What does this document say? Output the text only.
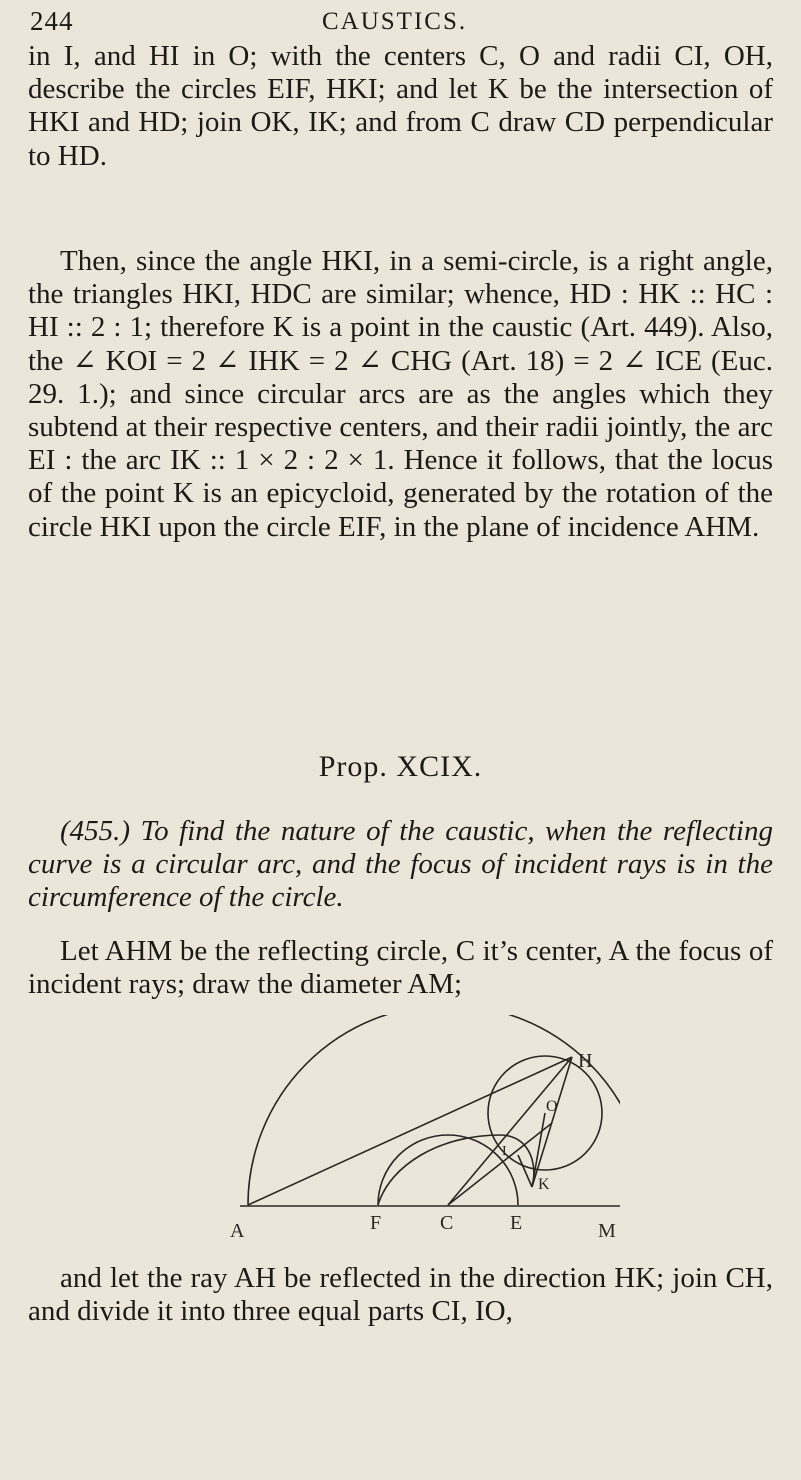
244	CAUSTICS.

in I, and HI in O; with the centers C, O and radii CI, OH, describe the circles EIF, HKI; and let K be the intersection of HKI and HD; join OK, IK; and from C draw CD perpendicular to HD.

Then, since the angle HKI, in a semi-circle, is a right angle, the triangles HKI, HDC are similar; whence, HD : HK :: HC : HI :: 2 : 1; therefore K is a point in the caustic (Art. 449). Also, the ∠ KOI = 2 ∠ IHK = 2 ∠ CHG (Art. 18) = 2 ∠ ICE (Euc. 29. 1.); and since circular arcs are as the angles which they subtend at their respective centers, and their radii jointly, the arc EI : the arc IK :: 1 × 2 : 2 × 1. Hence it follows, that the locus of the point K is an epicycloid, generated by the rotation of the circle HKI upon the circle EIF, in the plane of incidence AHM.

Prop. XCIX.

(455.) To find the nature of the caustic, when the reflecting curve is a circular arc, and the focus of incident rays is in the circumference of the circle.

Let AHM be the reflecting circle, C it’s center, A the focus of incident rays; draw the diameter AM;

A	F	C	E	M
H
O
I
K

and let the ray AH be reflected in the direction HK; join CH, and divide it into three equal parts CI, IO,
